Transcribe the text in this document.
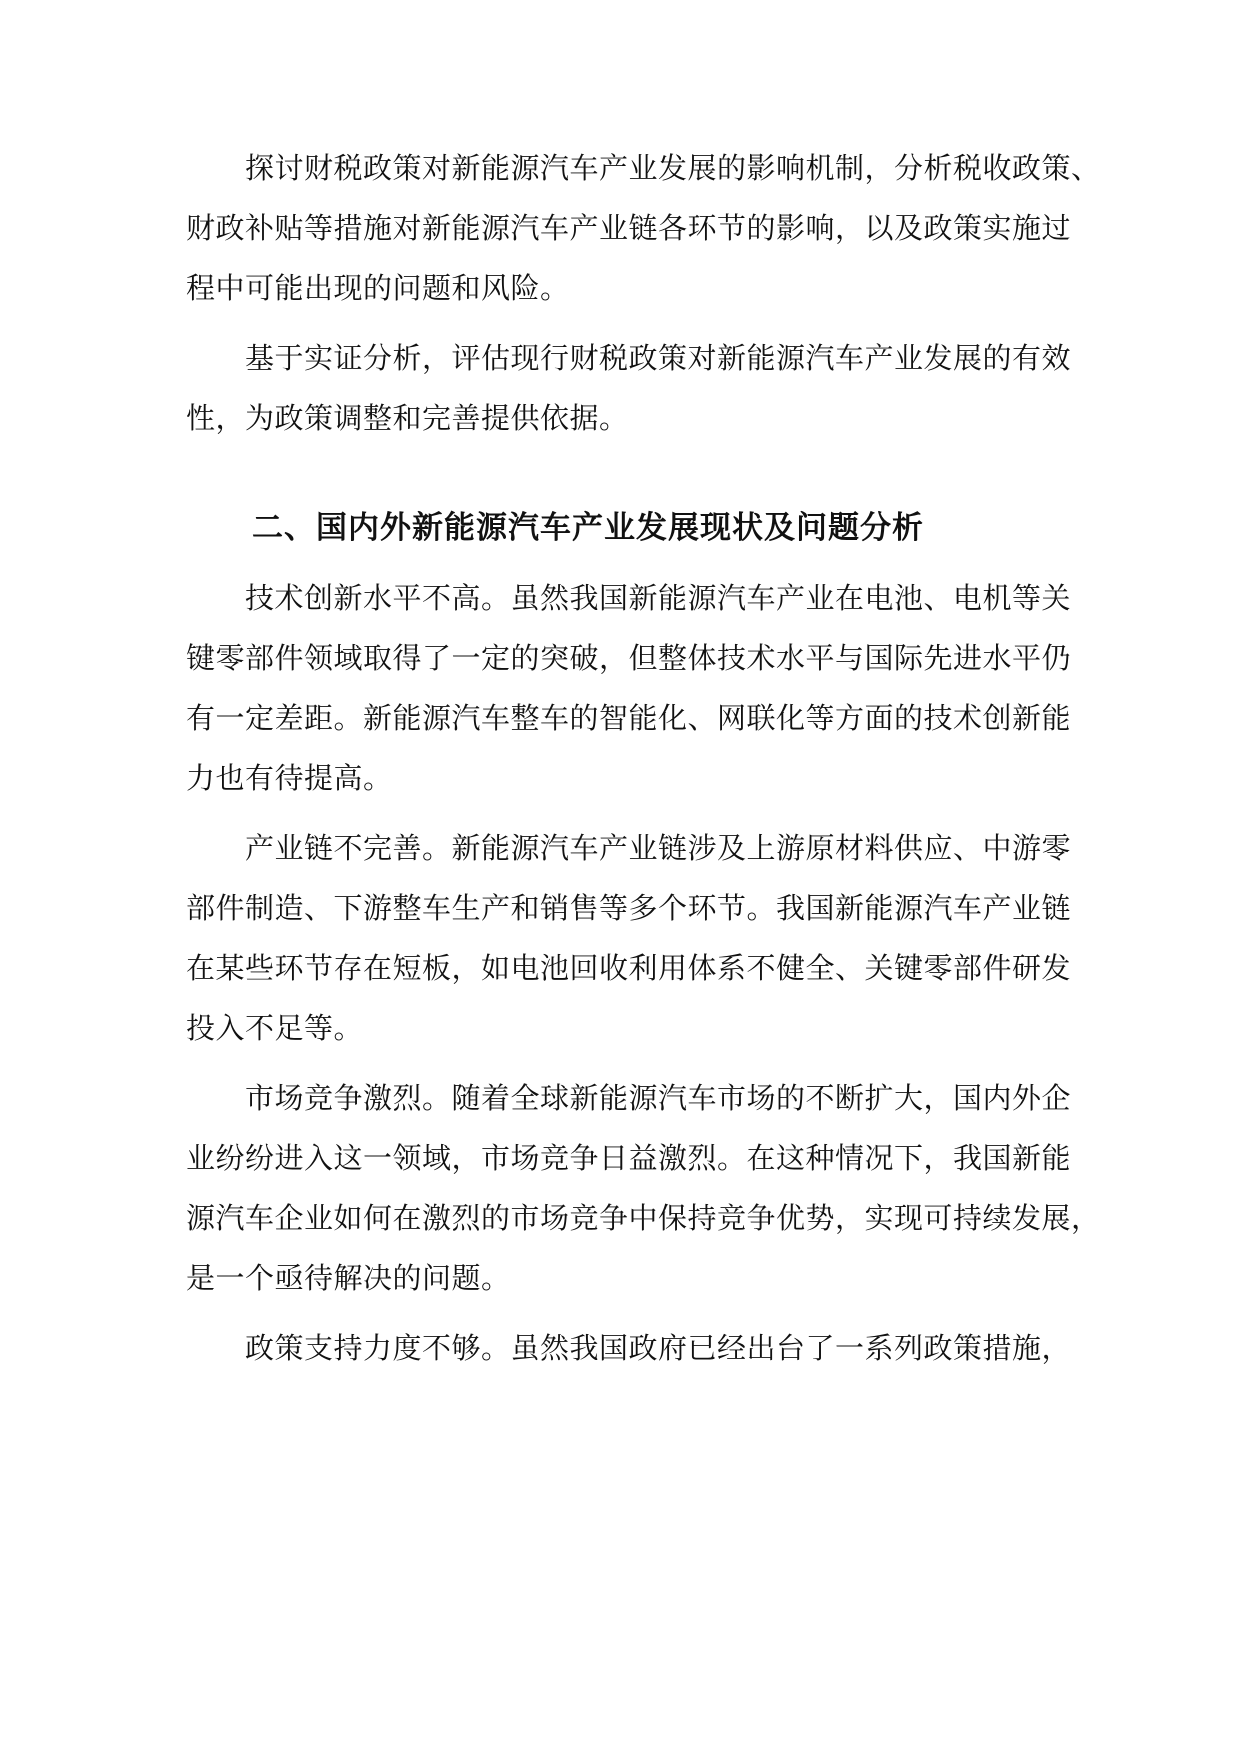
探讨财税政策对新能源汽车产业发展的影响机制，分析税收政策、
财政补贴等措施对新能源汽车产业链各环节的影响，以及政策实施过
程中可能出现的问题和风险。
基于实证分析，评估现行财税政策对新能源汽车产业发展的有效
性，为政策调整和完善提供依据。
二、国内外新能源汽车产业发展现状及问题分析
技术创新水平不高。虽然我国新能源汽车产业在电池、电机等关
键零部件领域取得了一定的突破，但整体技术水平与国际先进水平仍
有一定差距。新能源汽车整车的智能化、网联化等方面的技术创新能
力也有待提高。
产业链不完善。新能源汽车产业链涉及上游原材料供应、中游零
部件制造、下游整车生产和销售等多个环节。我国新能源汽车产业链
在某些环节存在短板，如电池回收利用体系不健全、关键零部件研发
投入不足等。
市场竞争激烈。随着全球新能源汽车市场的不断扩大，国内外企
业纷纷进入这一领域，市场竞争日益激烈。在这种情况下，我国新能
源汽车企业如何在激烈的市场竞争中保持竞争优势，实现可持续发展，
是一个亟待解决的问题。
政策支持力度不够。虽然我国政府已经出台了一系列政策措施，
